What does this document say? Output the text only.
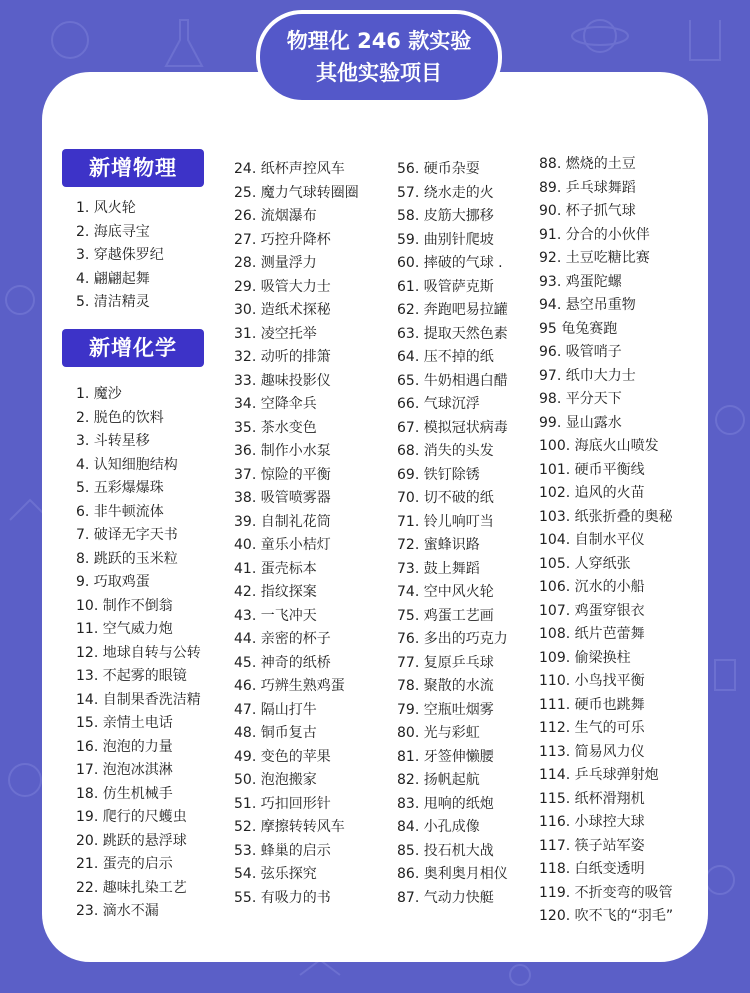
物理化 246 款实验
其他实验项目
新增物理
1. 风火轮
2. 海底寻宝
3. 穿越侏罗纪
4. 翩翩起舞
5. 清洁精灵
新增化学
1. 魔沙
2. 脱色的饮料
3. 斗转星移
4. 认知细胞结构
5. 五彩爆爆珠
6. 非牛顿流体
7. 破译无字天书
8. 跳跃的玉米粒
9. 巧取鸡蛋
10. 制作不倒翁
11. 空气威力炮
12. 地球自转与公转
13. 不起雾的眼镜
14. 自制果香洗洁精
15. 亲情土电话
16. 泡泡的力量
17. 泡泡冰淇淋
18. 仿生机械手
19. 爬行的尺蠖虫
20. 跳跃的悬浮球
21. 蛋壳的启示
22. 趣味扎染工艺
23. 滴水不漏
24. 纸杯声控风车
25. 魔力气球转圈圈
26. 流烟瀑布
27. 巧控升降杯
28. 测量浮力
29. 吸管大力士
30. 造纸术探秘
31. 凌空托举
32. 动听的排箫
33. 趣味投影仪
34. 空降伞兵
35. 茶水变色
36. 制作小水泵
37. 惊险的平衡
38. 吸管喷雾器
39. 自制礼花筒
40. 童乐小桔灯
41. 蛋壳标本
42. 指纹探案
43. 一飞冲天
44. 亲密的杯子
45. 神奇的纸桥
46. 巧辨生熟鸡蛋
47. 隔山打牛
48. 铜币复古
49. 变色的苹果
50. 泡泡搬家
51. 巧扣回形针
52. 摩擦转转风车
53. 蜂巢的启示
54. 弦乐探究
55. 有吸力的书
56. 硬币杂耍
57. 绕水走的火
58. 皮筋大挪移
59. 曲别针爬坡
60. 摔破的气球 .
61. 吸管萨克斯
62. 奔跑吧易拉罐
63. 提取天然色素
64. 压不掉的纸
65. 牛奶相遇白醋
66. 气球沉浮
67. 模拟冠状病毒
68. 消失的头发
69. 铁钉除锈
70. 切不破的纸
71. 铃儿响叮当
72. 蜜蜂识路
73. 鼓上舞蹈
74. 空中风火轮
75. 鸡蛋工艺画
76. 多出的巧克力
77. 复原乒乓球
78. 聚散的水流
79. 空瓶吐烟雾
80. 光与彩虹
81. 牙签伸懒腰
82. 扬帆起航
83. 甩响的纸炮
84. 小孔成像
85. 投石机大战
86. 奥利奥月相仪
87. 气动力快艇
88. 燃烧的土豆
89. 乒乓球舞蹈
90. 杯子抓气球
91. 分合的小伙伴
92. 土豆吃糖比赛
93. 鸡蛋陀螺
94. 悬空吊重物
95 龟兔赛跑
96. 吸管哨子
97. 纸巾大力士
98. 平分天下
99. 显山露水
100. 海底火山喷发
101. 硬币平衡线
102. 追风的火苗
103. 纸张折叠的奥秘
104. 自制水平仪
105. 人穿纸张
106. 沉水的小船
107. 鸡蛋穿银衣
108. 纸片芭蕾舞
109. 偷梁换柱
110. 小鸟找平衡
111. 硬币也跳舞
112. 生气的可乐
113. 简易风力仪
114. 乒乓球弹射炮
115. 纸杯滑翔机
116. 小球控大球
117. 筷子站军姿
118. 白纸变透明
119. 不折变弯的吸管
120. 吹不飞的“羽毛”
